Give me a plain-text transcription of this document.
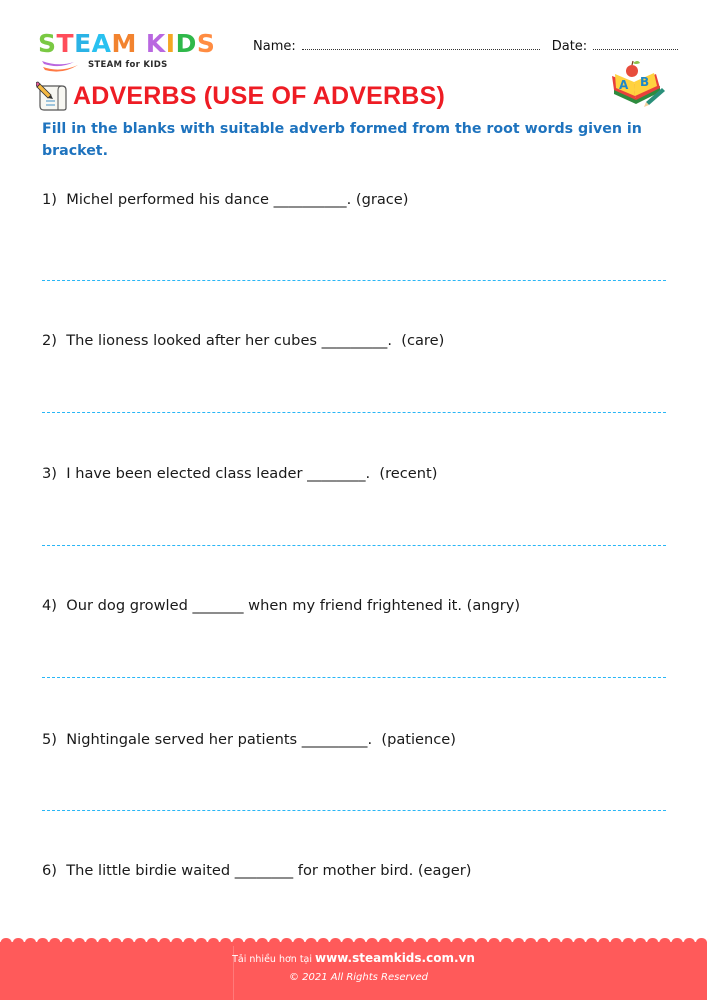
S T E A M K I D S
STEAM for KIDS
Name:	Date:
A B
ADVERBS (USE OF ADVERBS)
Fill in the blanks with suitable adverb formed from the root words given in bracket.
1)  Michel performed his dance __________. (grace)
2)  The lioness looked after her cubes _________.  (care)
3)  I have been elected class leader ________.  (recent)
4)  Our dog growled _______ when my friend frightened it. (angry)
5)  Nightingale served her patients _________.  (patience)
6)  The little birdie waited ________ for mother bird. (eager)
Tải nhiều hơn tại www.steamkids.com.vn
© 2021 All Rights Reserved
